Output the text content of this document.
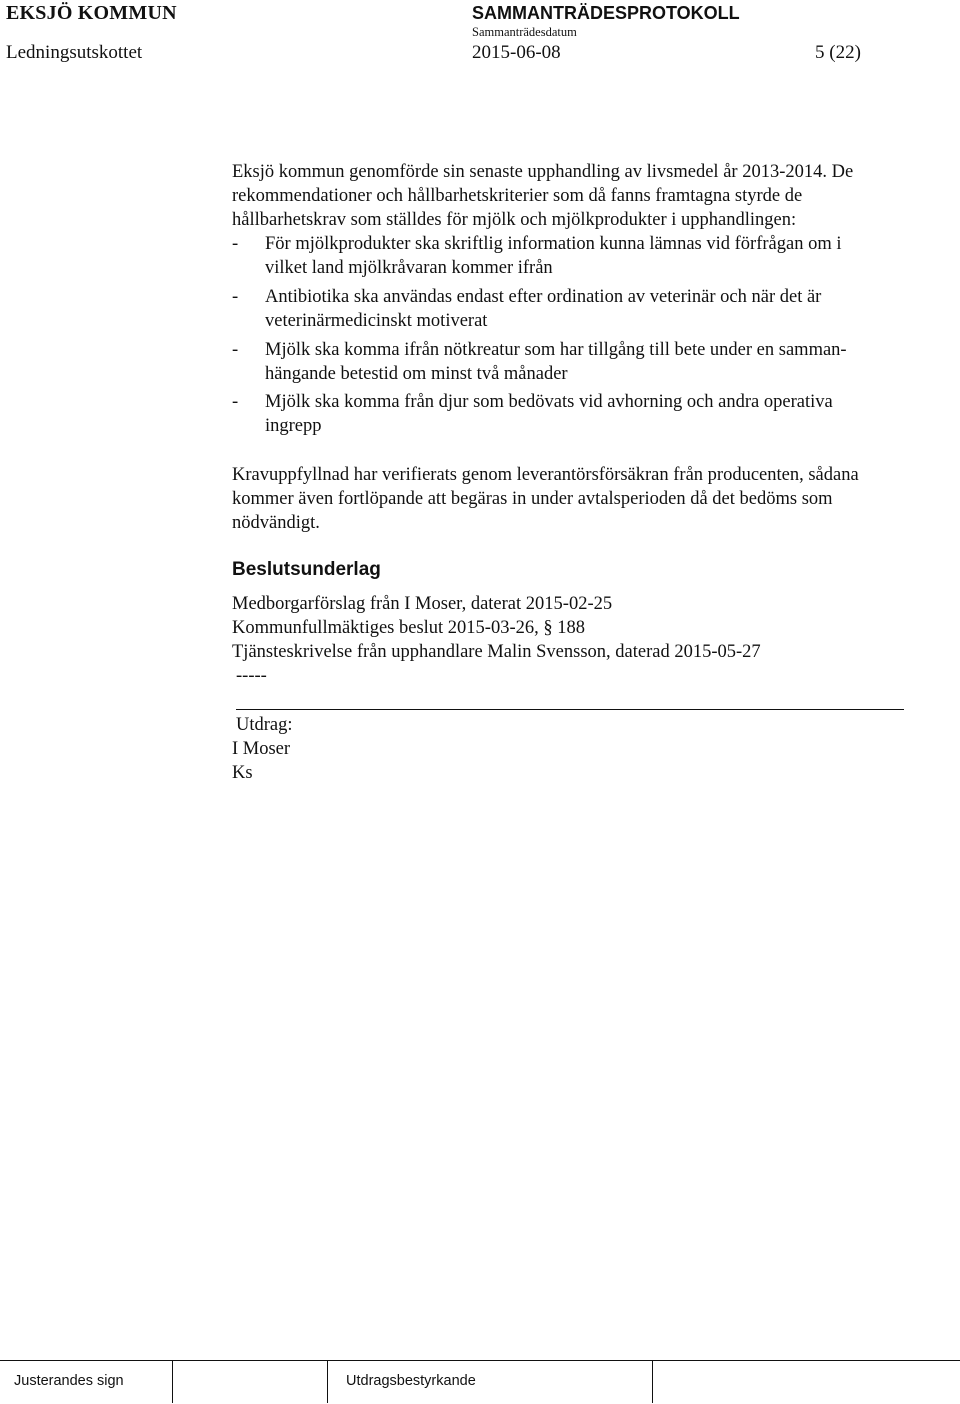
EKSJÖ KOMMUN	SAMMANTRÄDESPROTOKOLL
Sammanträdesdatum
Ledningsutskottet	2015-06-08	5 (22)
Eksjö kommun genomförde sin senaste upphandling av livsmedel år 2013-2014. De
rekommendationer och hållbarhetskriterier som då fanns framtagna styrde de
hållbarhetskrav som ställdes för mjölk och mjölkprodukter i upphandlingen:
- För mjölkprodukter ska skriftlig information kunna lämnas vid förfrågan om i
vilket land mjölkråvaran kommer ifrån
- Antibiotika ska användas endast efter ordination av veterinär och när det är
veterinärmedicinskt motiverat
- Mjölk ska komma ifrån nötkreatur som har tillgång till bete under en samman-
hängande betestid om minst två månader
- Mjölk ska komma från djur som bedövats vid avhorning och andra operativa
ingrepp
Kravuppfyllnad har verifierats genom leverantörsförsäkran från producenten, sådana
kommer även fortlöpande att begäras in under avtalsperioden då det bedöms som
nödvändigt.
Beslutsunderlag
Medborgarförslag från I Moser, daterat 2015-02-25
Kommunfullmäktiges beslut 2015-03-26, § 188
Tjänsteskrivelse från upphandlare Malin Svensson, daterad 2015-05-27
-----
Utdrag:
I Moser
Ks
Justerandes sign	Utdragsbestyrkande
